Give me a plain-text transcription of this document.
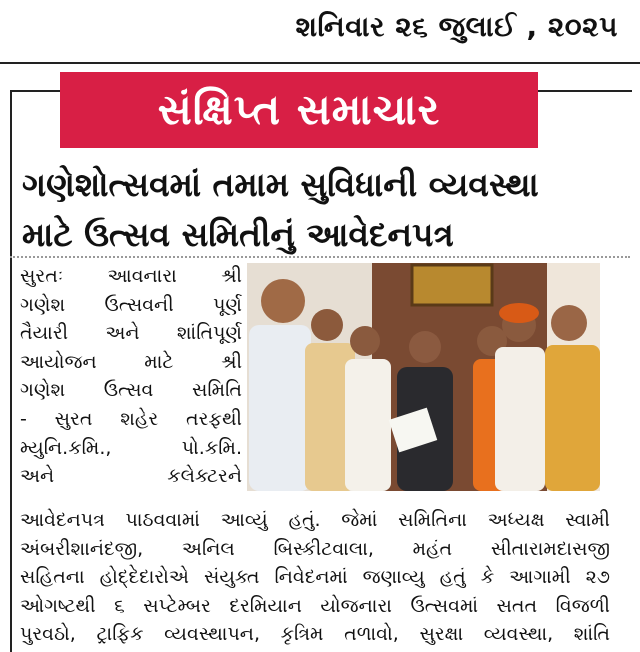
શનિવાર ૨૬ જુલાઈ , ૨૦૨૫
સંક્ષિપ્ત સમાચાર
ગણેશોત્સવમાં તમામ સુવિધાની વ્યવસ્થા
માટે ઉત્સવ સમિતીનું આવેદનપત્ર
સુરતઃ આવનારા શ્રી
ગણેશ ઉત્સવની પૂર્ણ
તૈયારી અને શાંતિપૂર્ણ
આયોજન માટે શ્રી
ગણેશ ઉત્સવ સમિતિ
- સુરત શહેર તરફથી
મ્યુનિ.કમિ., પો.કમિ.
અને કલેક્ટરને
આવેદનપત્ર પાઠવવામાં આવ્યું હતું. જેમાં સમિતિના અધ્યક્ષ સ્વામી
અંબરીશાનંદજી, અનિલ બિસ્કીટવાલા, મહંત સીતારામદાસજી
સહિતના હોદ્દેદારોએ સંયુક્ત નિવેદનમાં જણાવ્યુ હતું કે આગામી ૨૭
ઓગષ્ટથી ૬ સપ્ટેમ્બર દરમિયાન યોજનારા ઉત્સવમાં સતત વિજળી
પુરવઠો, ટ્રાફિક વ્યવસ્થાપન, કૃત્રિમ તળાવો, સુરક્ષા વ્યવસ્થા, શાંતિ
